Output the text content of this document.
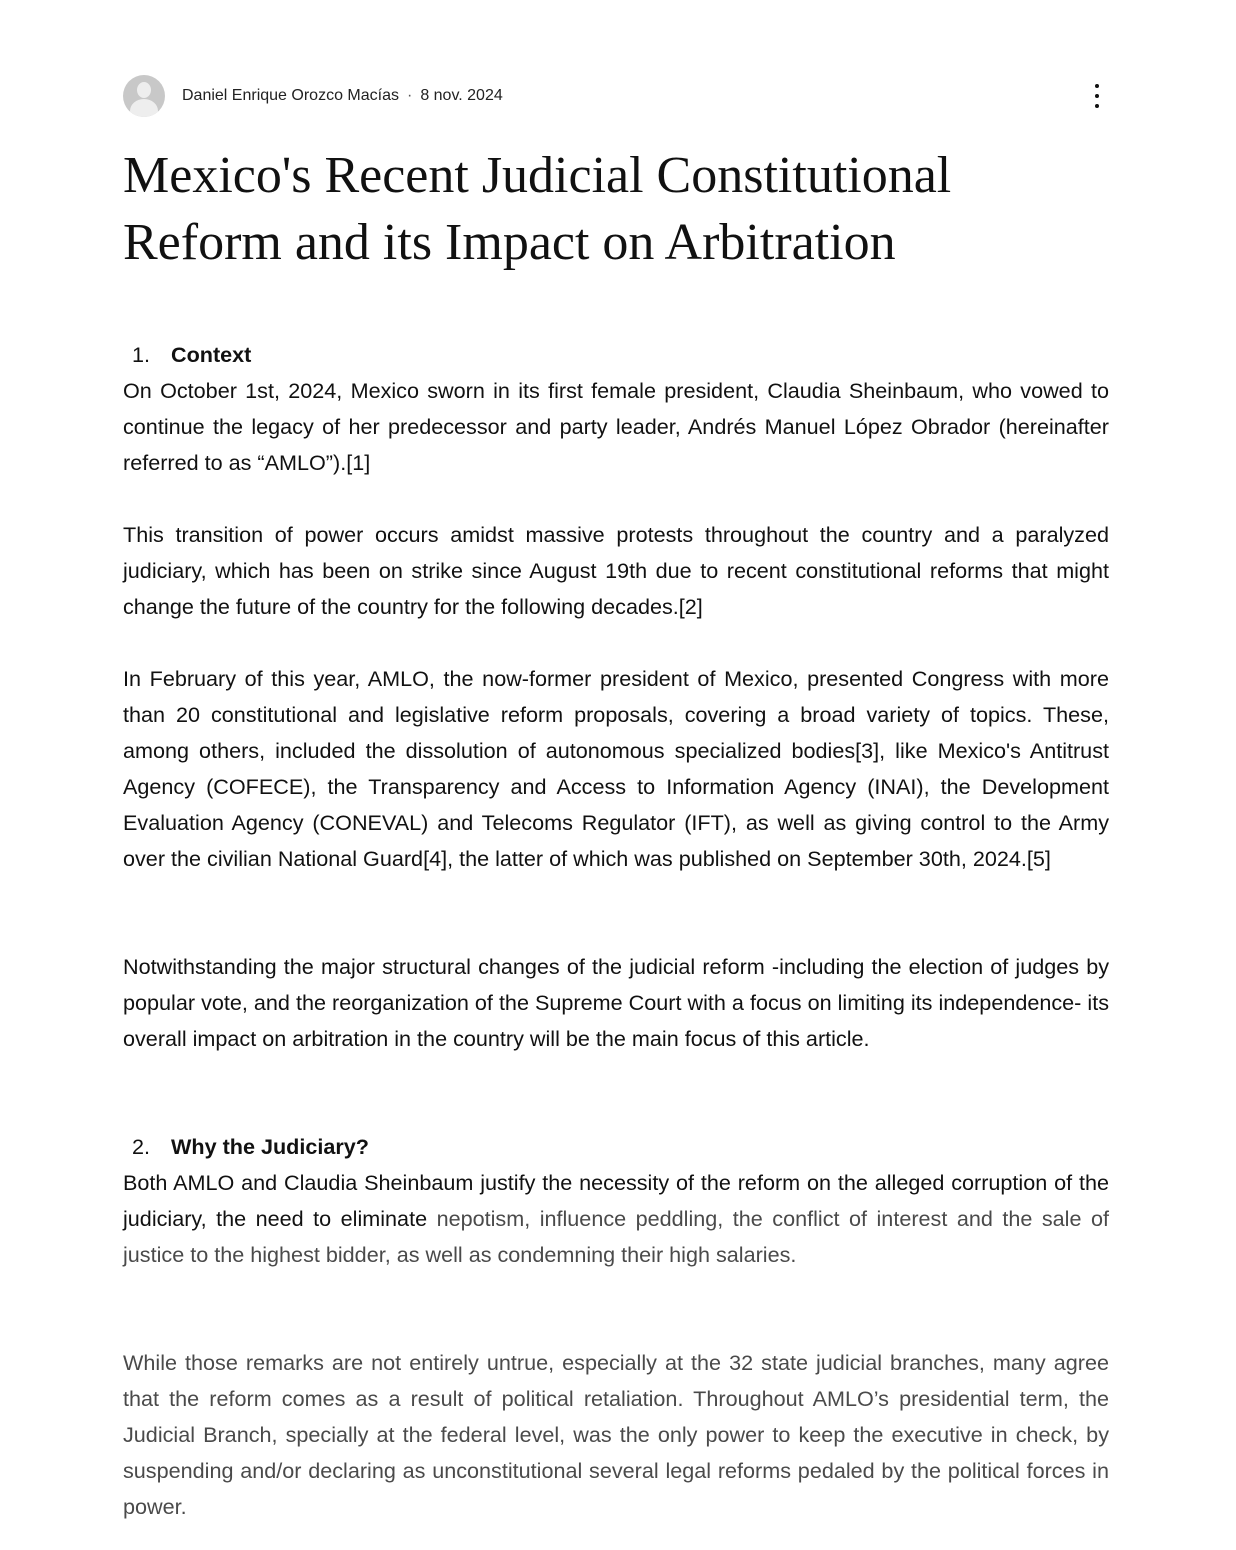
Daniel Enrique Orozco Macías · 8 nov. 2024
Mexico's Recent Judicial Constitutional Reform and its Impact on Arbitration
1. Context

On October 1st, 2024, Mexico sworn in its first female president, Claudia Sheinbaum, who vowed to continue the legacy of her predecessor and party leader, Andrés Manuel López Obrador (hereinafter referred to as “AMLO”).[1]

This transition of power occurs amidst massive protests throughout the country and a paralyzed judiciary, which has been on strike since August 19th due to recent constitutional reforms that might change the future of the country for the following decades.[2]

In February of this year, AMLO, the now-former president of Mexico, presented Congress with more than 20 constitutional and legislative reform proposals, covering a broad variety of topics. These, among others, included the dissolution of autonomous specialized bodies[3], like Mexico's Antitrust Agency (COFECE), the Transparency and Access to Information Agency (INAI), the Development Evaluation Agency (CONEVAL) and Telecoms Regulator (IFT), as well as giving control to the Army over the civilian National Guard[4], the latter of which was published on September 30th, 2024.[5]

Notwithstanding the major structural changes of the judicial reform -including the election of judges by popular vote, and the reorganization of the Supreme Court with a focus on limiting its independence- its overall impact on arbitration in the country will be the main focus of this article.

2. Why the Judiciary?

Both AMLO and Claudia Sheinbaum justify the necessity of the reform on the alleged corruption of the judiciary, the need to eliminate nepotism, influence peddling, the conflict of interest and the sale of justice to the highest bidder, as well as condemning their high salaries.

While those remarks are not entirely untrue, especially at the 32 state judicial branches, many agree that the reform comes as a result of political retaliation. Throughout AMLO’s presidential term, the Judicial Branch, specially at the federal level, was the only power to keep the executive in check, by suspending and/or declaring as unconstitutional several legal reforms pedaled by the political forces in power.
